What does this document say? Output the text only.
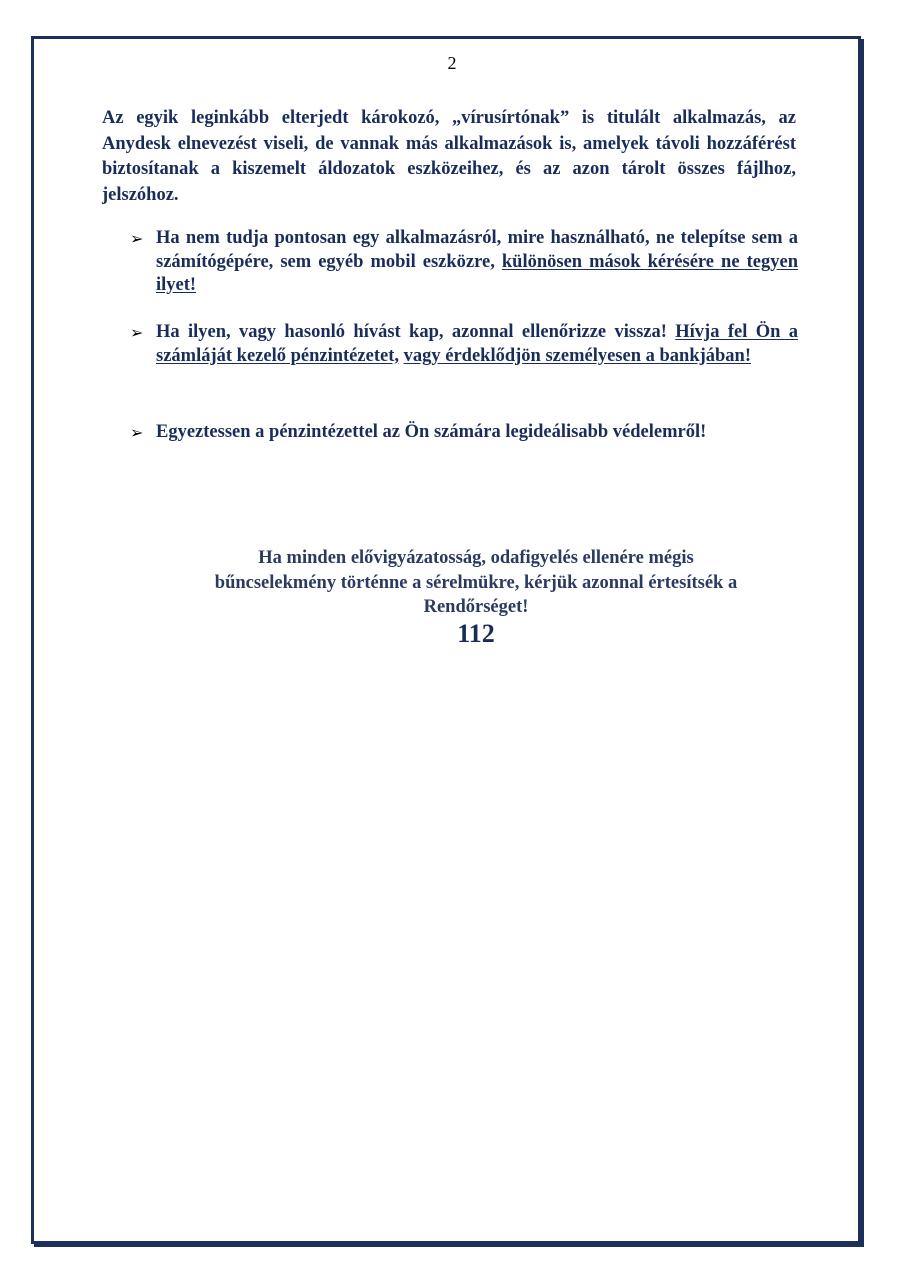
2

Az egyik leginkább elterjedt károkozó, „vírusírtónak” is titulált alkalmazás, az Anydesk elnevezést viseli, de vannak más alkalmazások is, amelyek távoli hozzáférést biztosítanak a kiszemelt áldozatok eszközeihez, és az azon tárolt összes fájlhoz, jelszóhoz.

➢ Ha nem tudja pontosan egy alkalmazásról, mire használható, ne telepítse sem a számítógépére, sem egyéb mobil eszközre, különösen mások kérésére ne tegyen ilyet!
➢ Ha ilyen, vagy hasonló hívást kap, azonnal ellenőrizze vissza! Hívja fel Ön a számláját kezelő pénzintézetet, vagy érdeklődjön személyesen a bankjában!
➢ Egyeztessen a pénzintézettel az Ön számára legideálisabb védelemről!
Ha minden elővigyázatosság, odafigyelés ellenére mégis
bűncselekmény történne a sérelmükre, kérjük azonnal értesítsék a
Rendőrséget!
112
